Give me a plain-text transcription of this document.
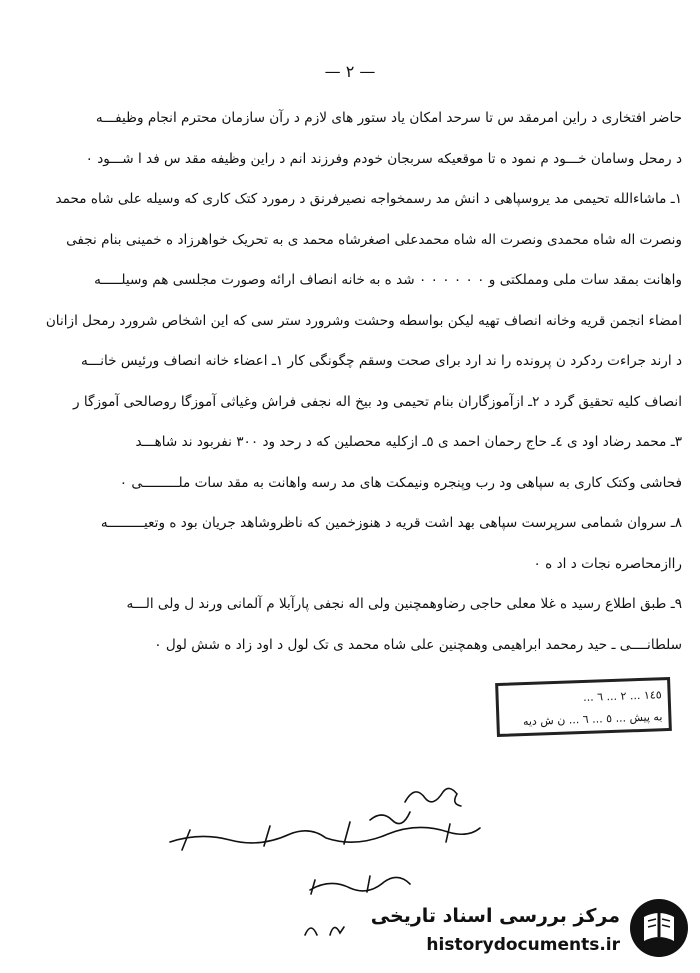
— ٢ —
حاضر افتخاری د راین امرمقد س تا سرحد امکان یاد ستور های لازم د رآن سازمان محترم انجام وظیفـــه
د رمحل وسامان خـــود م نمود ه تا موقعیکه سربجان خودم وفرزند انم د راین وظیفه مقد س فد ا شـــود ٠
١ـ ماشاءالله تحیمی مد یروسپاهی د انش مد رسمخواجه نصیرفرنق د رمورد کتک کاری که وسیله علی شاه محمد
ونصرت اله شاه محمدی ونصرت اله شاه محمدعلی اصغرشاه محمد ی به تحریک خواهرزاد ه خمینی بنام نجفی
واهانت بمقد سات ملی ومملکتی و ٠ ٠ ٠ ٠ ٠ ٠ شد ه به خانه انصاف ارائه وصورت مجلسی هم وسیلـــــه
امضاء انجمن قریه وخانه انصاف تهیه لیکن بواسطه وحشت وشرورد ستر سی که این اشخاص شرورد رمحل ازانان
د ارند جراءت ردکرد ن پرونده را ند ارد برای صحت وسقم چگونگی کار ١ـ اعضاء خانه انصاف ورئیس خانـــه
انصاف کلیه تحقیق گرد د ٢ـ ازآموزگاران بنام تحیمی ود بیخ اله نجفی فراش وغیاثی آموزگا روصالحی آموزگا ر
٣ـ محمد رضاد اود ی ٤ـ حاج رحمان احمد ی ٥ـ ازکلیه محصلین که د رحد ود ٣٠٠ نفربود ند شاهـــد
فحاشی وکتک کاری به سپاهی ود رب وپنجره ونیمکت های مد رسه واهانت به مقد سات ملـــــــــی ٠
٨ـ سروان شمامی سرپرست سپاهی بهد اشت قریه د هنوزخمین که ناظروشاهد جریان بود ه وتعیـــــــــه
راازمحاصره نجات د اد ه ٠
٩ـ طبق اطلاع رسید ه غلا معلی حاجی رضاوهمچنین ولی اله نجفی پارآبلا م آلمانی ورند ل ولی الـــه
سلطانــــی ـ حید رمحمد ابراهیمی وهمچنین علی شاه محمد ی تک لول د اود زاد ه شش لول ٠
١٤٥ ... ٢ ... ٦ ...
به پیش ... ٥ ... ٦ ... ن ش دیه
مرکز بررسی اسناد تاریخی
historydocuments.ir
